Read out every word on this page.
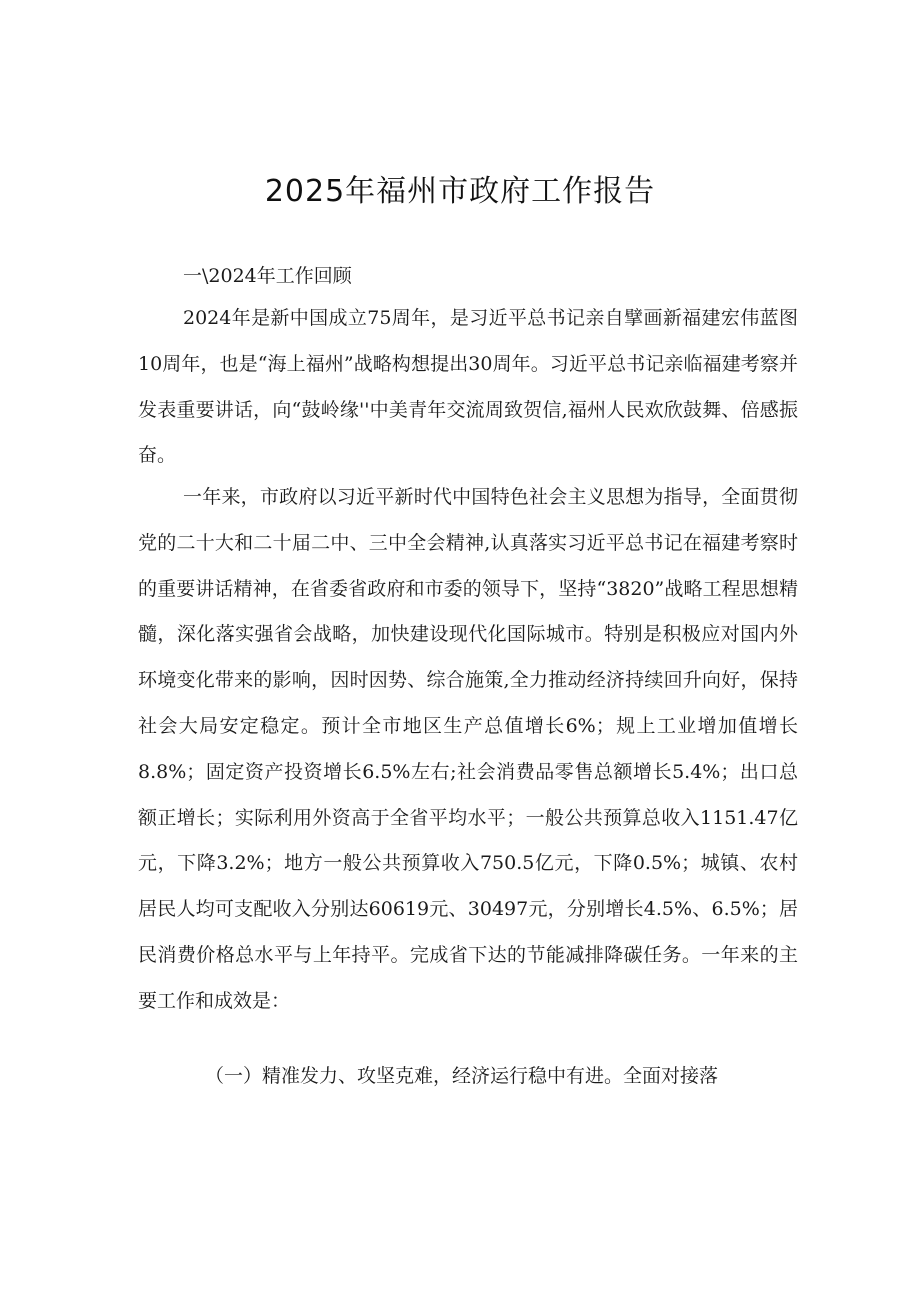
2025年福州市政府工作报告
一\2024年工作回顾

2024年是新中国成立75周年，是习近平总书记亲自擘画新福建宏伟蓝图10周年，也是“海上福州”战略构想提出30周年。习近平总书记亲临福建考察并发表重要讲话，向“鼓岭缘''中美青年交流周致贺信,福州人民欢欣鼓舞、倍感振奋。

一年来，市政府以习近平新时代中国特色社会主义思想为指导，全面贯彻党的二十大和二十届二中、三中全会精神,认真落实习近平总书记在福建考察时的重要讲话精神，在省委省政府和市委的领导下，坚持“3820”战略工程思想精髓，深化落实强省会战略，加快建设现代化国际城市。特别是积极应对国内外环境变化带来的影响，因时因势、综合施策,全力推动经济持续回升向好，保持社会大局安定稳定。预计全市地区生产总值增长6%；规上工业增加值增长8.8%；固定资产投资增长6.5%左右;社会消费品零售总额增长5.4%；出口总额正增长；实际利用外资高于全省平均水平；一般公共预算总收入1151.47亿元，下降3.2%；地方一般公共预算收入750.5亿元，下降0.5%；城镇、农村居民人均可支配收入分别达60619元、30497元，分别增长4.5%、6.5%；居民消费价格总水平与上年持平。完成省下达的节能减排降碳任务。一年来的主要工作和成效是：

（一）精准发力、攻坚克难，经济运行稳中有进。全面对接落
